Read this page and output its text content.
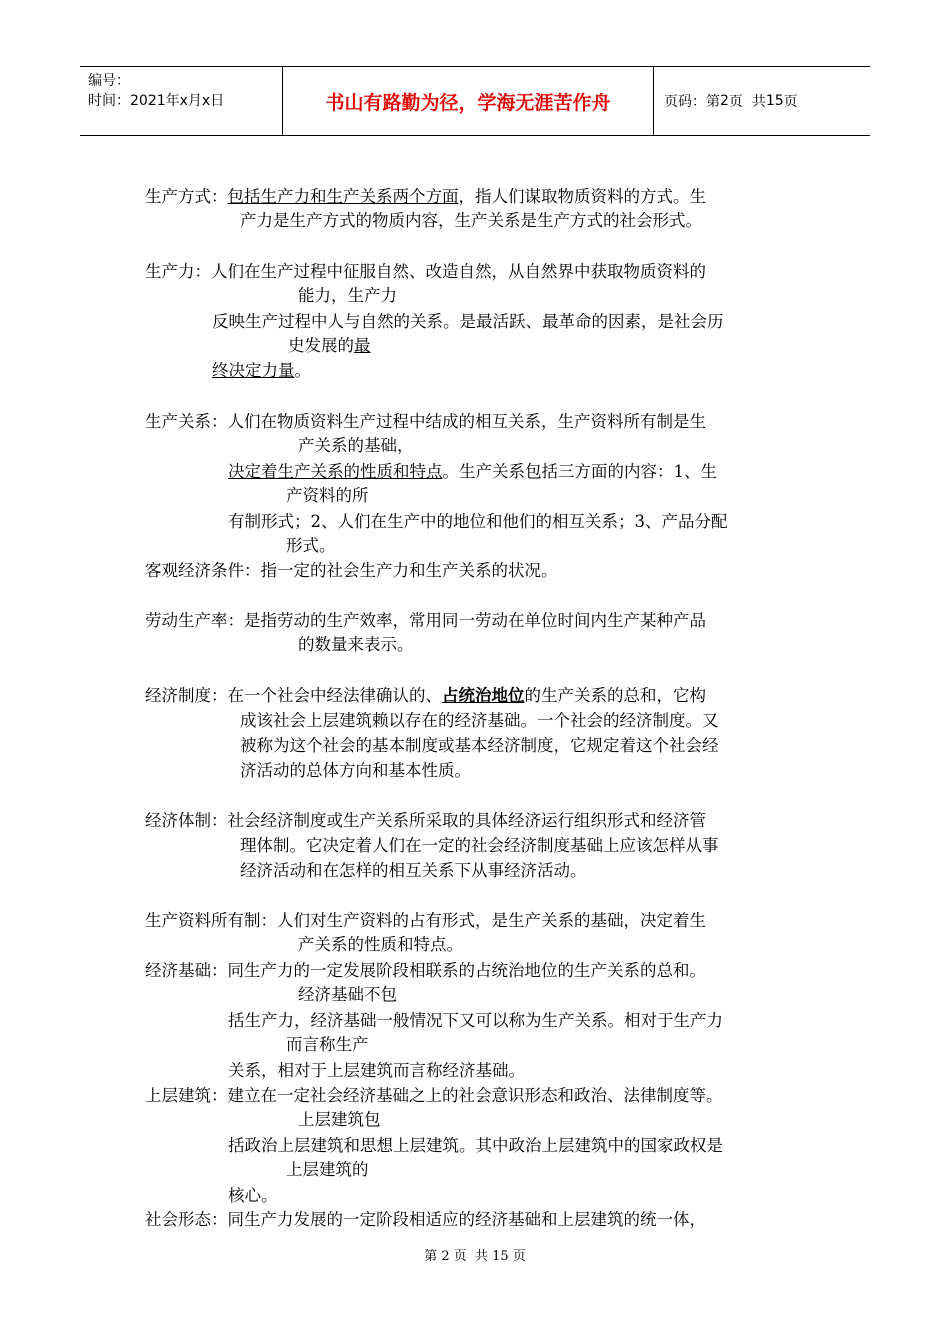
编号：
时间：2021年x月x日	书山有路勤为径，学海无涯苦作舟	页码：第 2 页  共 15 页
生产方式：包括生产力和生产关系两个方面，指人们谋取物质资料的方式。生
产力是生产方式的物质内容，生产关系是生产方式的社会形式。
生产力：人们在生产过程中征服自然、改造自然，从自然界中获取物质资料的
能力，生产力
反映生产过程中人与自然的关系。是最活跃、最革命的因素，是社会历
史发展的最
终决定力量。
生产关系：人们在物质资料生产过程中结成的相互关系，生产资料所有制是生
产关系的基础，
决定着生产关系的性质和特点。生产关系包括三方面的内容：1、生
产资料的所
有制形式；2、人们在生产中的地位和他们的相互关系；3、产品分配
形式。
客观经济条件：指一定的社会生产力和生产关系的状况。
劳动生产率：是指劳动的生产效率，常用同一劳动在单位时间内生产某种产品
的数量来表示。
经济制度：在一个社会中经法律确认的、占统治地位的生产关系的总和，它构
成该社会上层建筑赖以存在的经济基础。一个社会的经济制度。又
被称为这个社会的基本制度或基本经济制度，它规定着这个社会经
济活动的总体方向和基本性质。
经济体制：社会经济制度或生产关系所采取的具体经济运行组织形式和经济管
理体制。它决定着人们在一定的社会经济制度基础上应该怎样从事
经济活动和在怎样的相互关系下从事经济活动。
生产资料所有制：人们对生产资料的占有形式，是生产关系的基础，决定着生
产关系的性质和特点。
经济基础：同生产力的一定发展阶段相联系的占统治地位的生产关系的总和。
经济基础不包
括生产力，经济基础一般情况下又可以称为生产关系。相对于生产力
而言称生产
关系，相对于上层建筑而言称经济基础。
上层建筑：建立在一定社会经济基础之上的社会意识形态和政治、法律制度等。
上层建筑包
括政治上层建筑和思想上层建筑。其中政治上层建筑中的国家政权是
上层建筑的
核心。
社会形态：同生产力发展的一定阶段相适应的经济基础和上层建筑的统一体，
第 2 页  共 15 页
